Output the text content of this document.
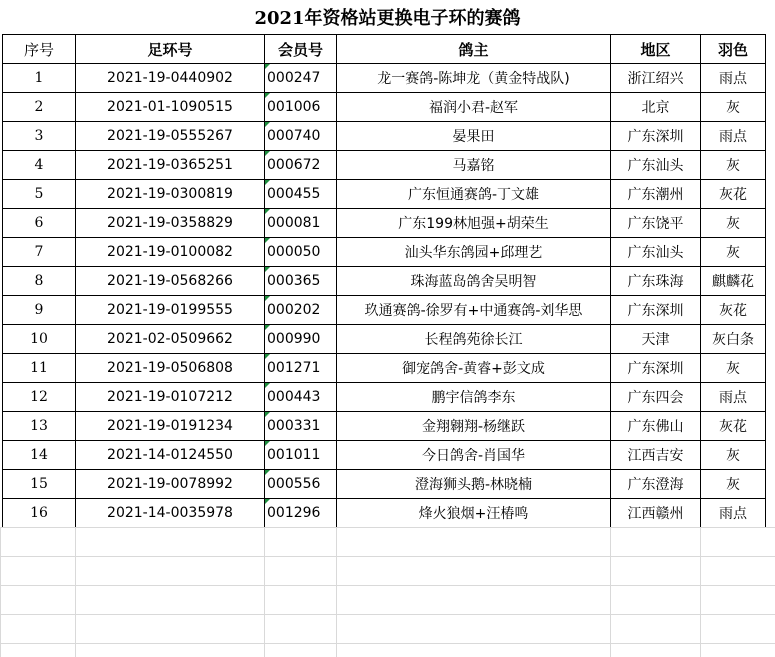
2021年资格站更换电子环的赛鸽
序号	足环号	会员号	鸽主	地区	羽色
1	2021-19-0440902	000247	龙一赛鸽-陈坤龙（黄金特战队)	浙江绍兴	雨点
2	2021-01-1090515	001006	福润小君-赵军	北京	灰
3	2021-19-0555267	000740	晏果田	广东深圳	雨点
4	2021-19-0365251	000672	马嘉铭	广东汕头	灰
5	2021-19-0300819	000455	广东恒通赛鸽-丁文雄	广东潮州	灰花
6	2021-19-0358829	000081	广东199林旭强+胡荣生	广东饶平	灰
7	2021-19-0100082	000050	汕头华东鸽园+邱理艺	广东汕头	灰
8	2021-19-0568266	000365	珠海蓝岛鸽舍吴明智	广东珠海	麒麟花
9	2021-19-0199555	000202	玖通赛鸽-徐罗有+中通赛鸽-刘华思	广东深圳	灰花
10	2021-02-0509662	000990	长程鸽苑徐长江	天津	灰白条
11	2021-19-0506808	001271	御宠鸽舍-黄睿+彭文成	广东深圳	灰
12	2021-19-0107212	000443	鹏宇信鸽李东	广东四会	雨点
13	2021-19-0191234	000331	金翔翱翔-杨继跃	广东佛山	灰花
14	2021-14-0124550	001011	今日鸽舍-肖国华	江西吉安	灰
15	2021-19-0078992	000556	澄海狮头鹅-林晓楠	广东澄海	灰
16	2021-14-0035978	001296	烽火狼烟+汪椿鸣	江西赣州	雨点
